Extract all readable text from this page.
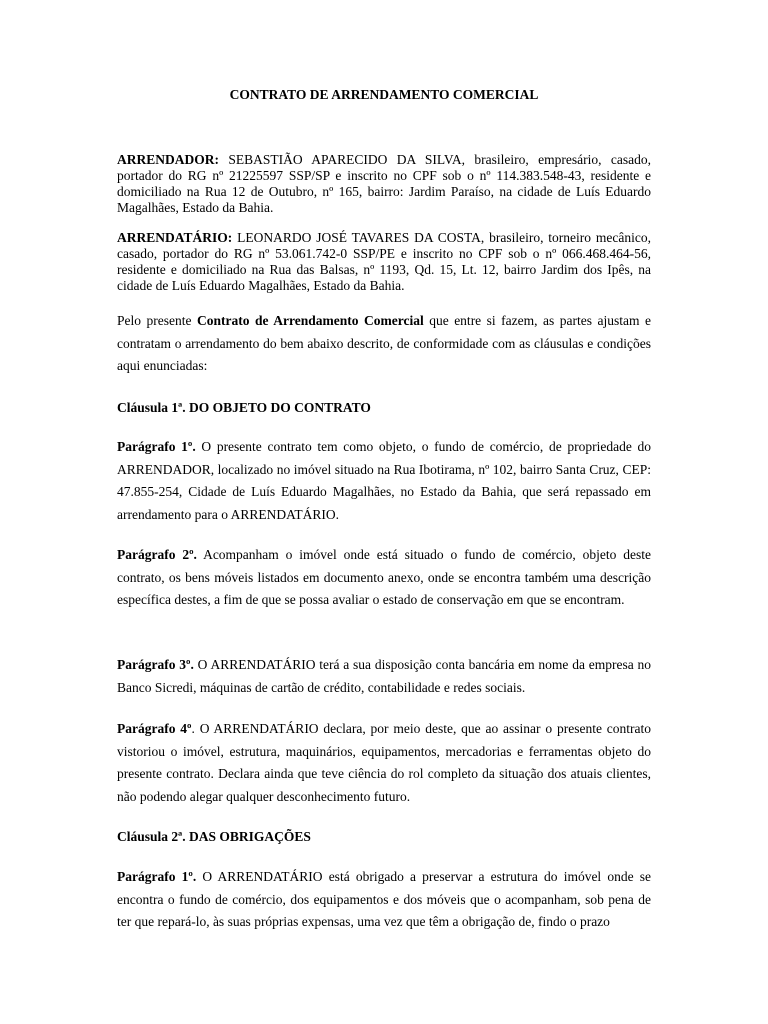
CONTRATO DE ARRENDAMENTO COMERCIAL
ARRENDADOR: SEBASTIÃO APARECIDO DA SILVA, brasileiro, empresário, casado, portador do RG nº 21225597 SSP/SP e inscrito no CPF sob o nº 114.383.548-43, residente e domiciliado na Rua 12 de Outubro, nº 165, bairro: Jardim Paraíso, na cidade de Luís Eduardo Magalhães, Estado da Bahia.
ARRENDATÁRIO: LEONARDO JOSÉ TAVARES DA COSTA, brasileiro, torneiro mecânico, casado, portador do RG nº 53.061.742-0 SSP/PE e inscrito no CPF sob o nº 066.468.464-56, residente e domiciliado na Rua das Balsas, nº 1193, Qd. 15, Lt. 12, bairro Jardim dos Ipês, na cidade de Luís Eduardo Magalhães, Estado da Bahia.
Pelo presente Contrato de Arrendamento Comercial que entre si fazem, as partes ajustam e contratam o arrendamento do bem abaixo descrito, de conformidade com as cláusulas e condições aqui enunciadas:
Cláusula 1ª. DO OBJETO DO CONTRATO
Parágrafo 1º. O presente contrato tem como objeto, o fundo de comércio, de propriedade do ARRENDADOR, localizado no imóvel situado na Rua Ibotirama, nº 102, bairro Santa Cruz, CEP: 47.855-254, Cidade de Luís Eduardo Magalhães, no Estado da Bahia, que será repassado em arrendamento para o ARRENDATÁRIO.
Parágrafo 2º. Acompanham o imóvel onde está situado o fundo de comércio, objeto deste contrato, os bens móveis listados em documento anexo, onde se encontra também uma descrição específica destes, a fim de que se possa avaliar o estado de conservação em que se encontram.
Parágrafo 3º. O ARRENDATÁRIO terá a sua disposição conta bancária em nome da empresa no Banco Sicredi, máquinas de cartão de crédito, contabilidade e redes sociais.
Parágrafo 4º. O ARRENDATÁRIO declara, por meio deste, que ao assinar o presente contrato vistoriou o imóvel, estrutura, maquinários, equipamentos, mercadorias e ferramentas objeto do presente contrato. Declara ainda que teve ciência do rol completo da situação dos atuais clientes, não podendo alegar qualquer desconhecimento futuro.
Cláusula 2ª. DAS OBRIGAÇÕES
Parágrafo 1º. O ARRENDATÁRIO está obrigado a preservar a estrutura do imóvel onde se encontra o fundo de comércio, dos equipamentos e dos móveis que o acompanham, sob pena de ter que repará-lo, às suas próprias expensas, uma vez que têm a obrigação de, findo o prazo
